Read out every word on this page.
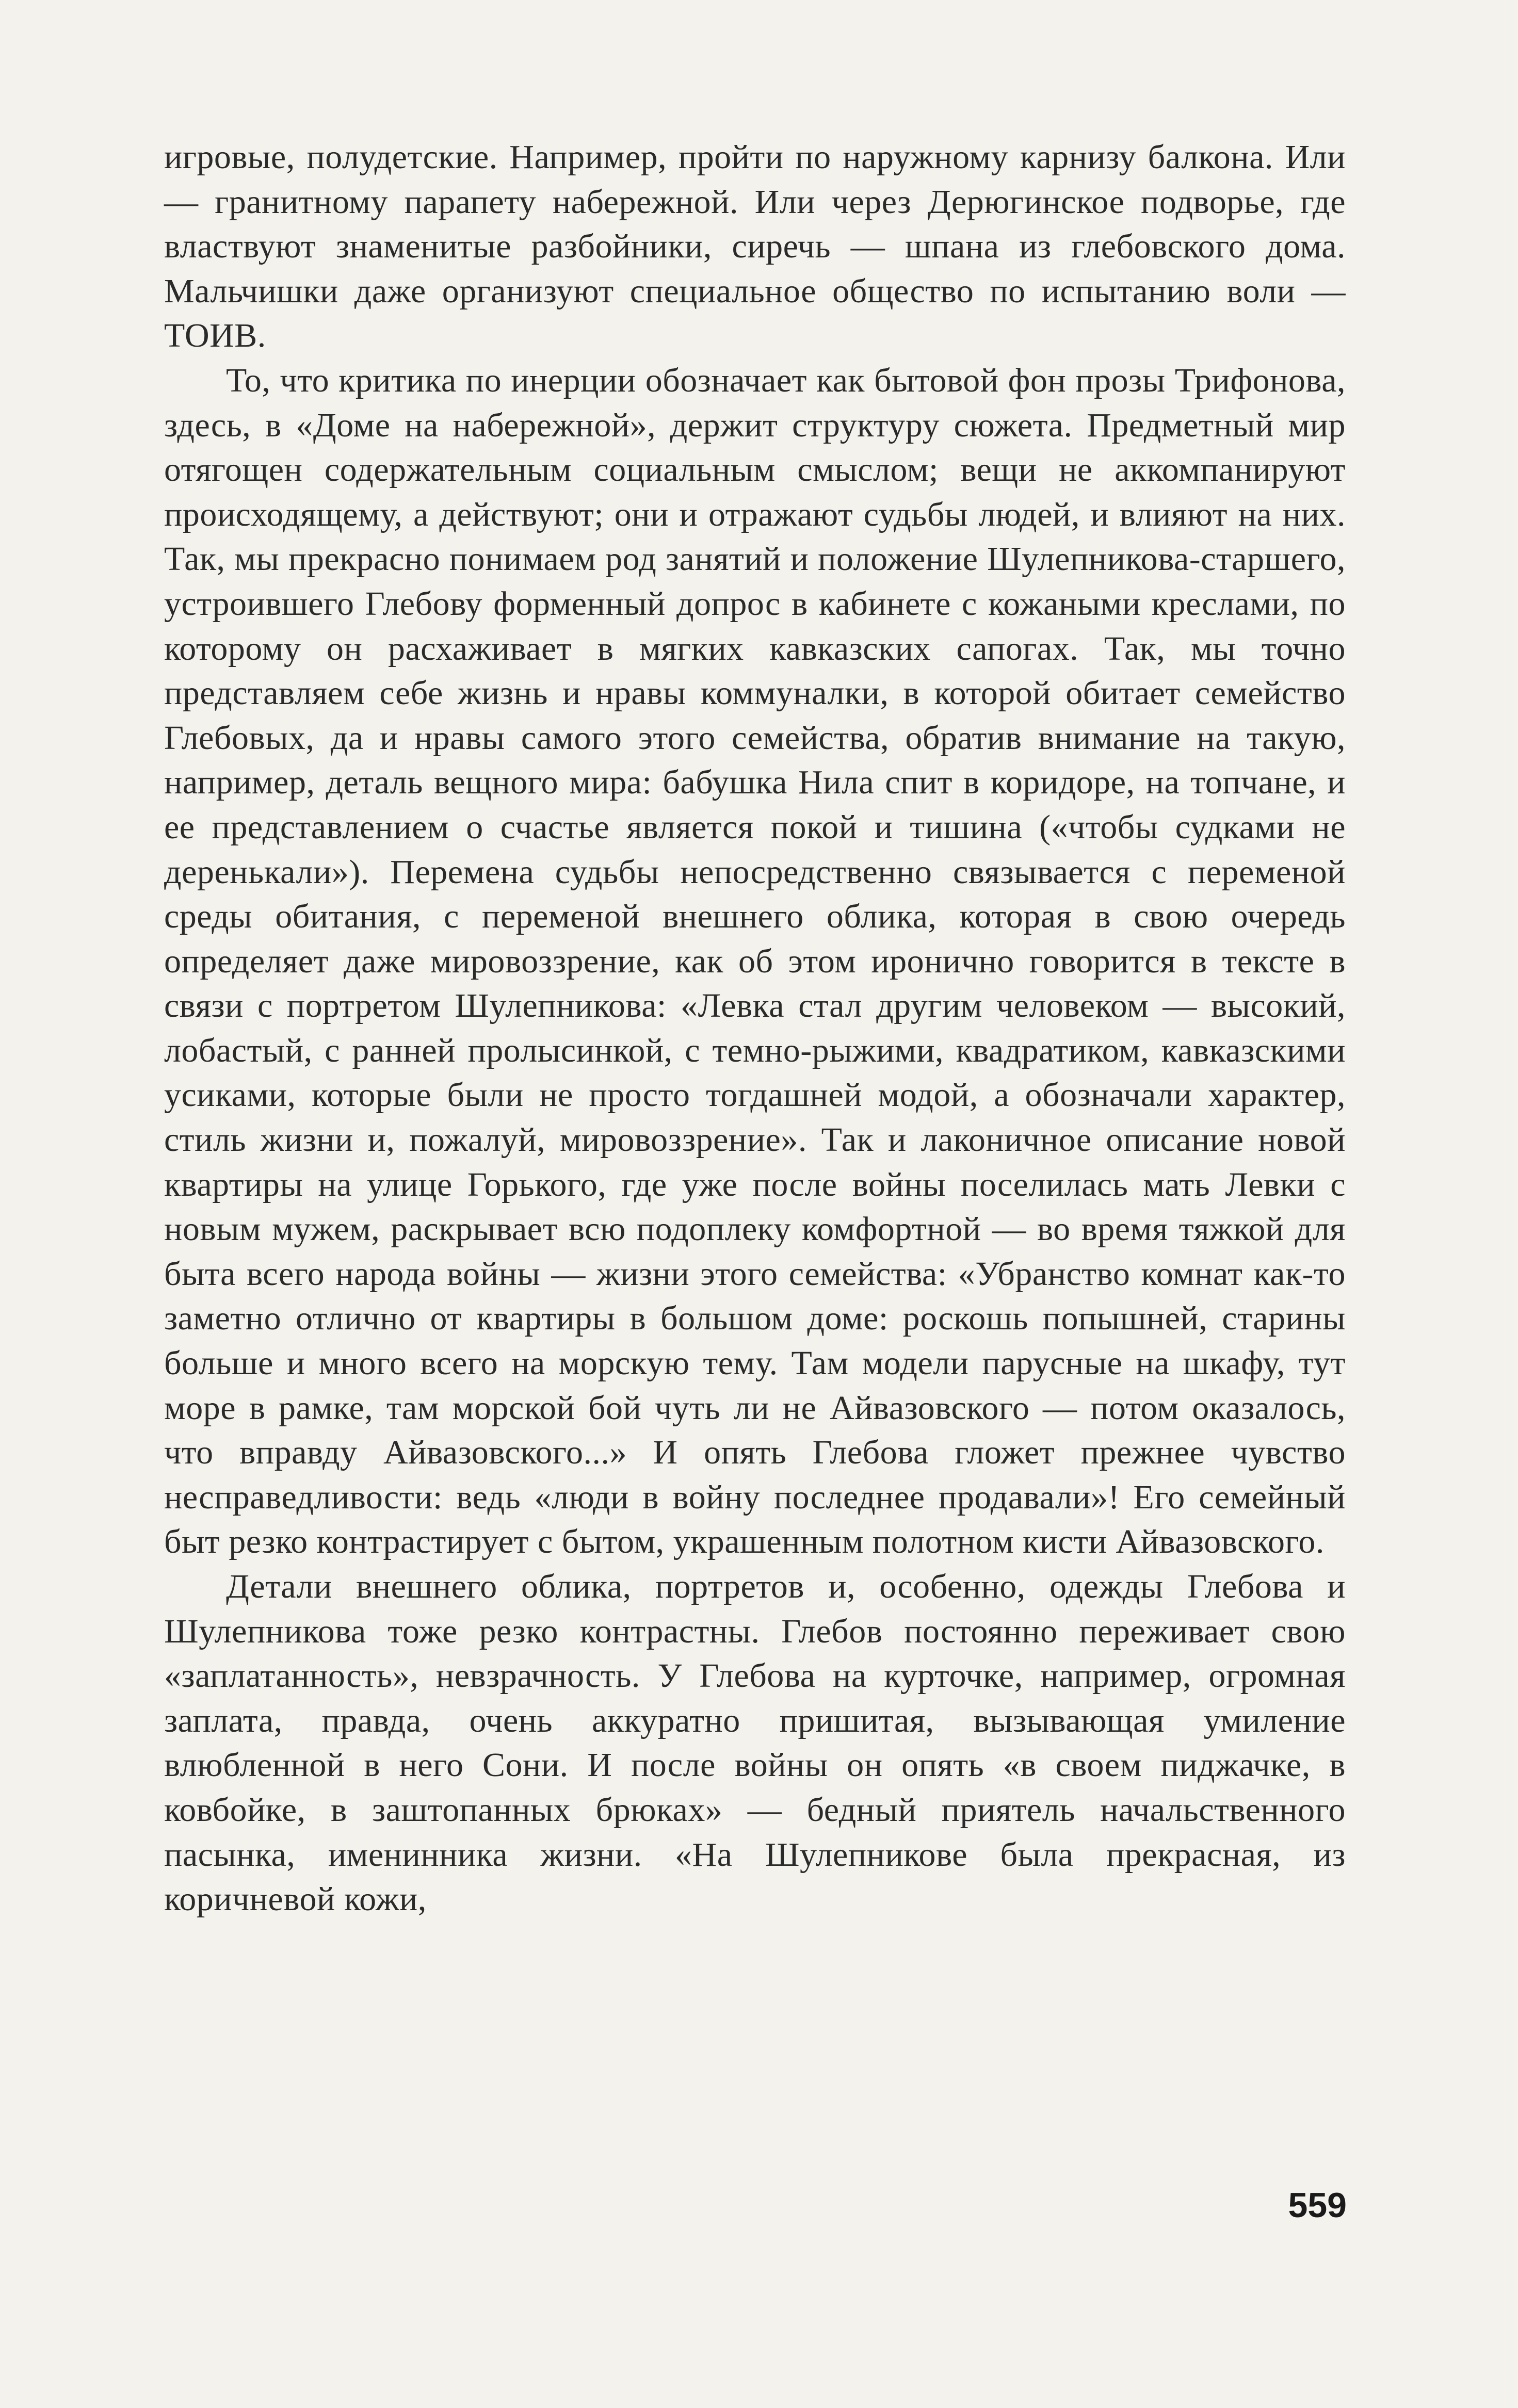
игровые, полудетские. Например, пройти по наружному карнизу балкона. Или — гранитному парапету набережной. Или через Дерюгинское подворье, где властвуют знаменитые разбойники, сиречь — шпана из глебовского дома. Мальчишки даже организуют специальное общество по испытанию воли — ТОИВ.

То, что критика по инерции обозначает как бытовой фон прозы Трифонова, здесь, в «Доме на набережной», держит структуру сюжета. Предметный мир отягощен содержательным социальным смыслом; вещи не аккомпанируют происходящему, а действуют; они и отражают судьбы людей, и влияют на них. Так, мы прекрасно понимаем род занятий и положение Шулепникова-старшего, устроившего Глебову форменный допрос в кабинете с кожаными креслами, по которому он расхаживает в мягких кавказских сапогах. Так, мы точно представляем себе жизнь и нравы коммуналки, в которой обитает семейство Глебовых, да и нравы самого этого семейства, обратив внимание на такую, например, деталь вещного мира: бабушка Нила спит в коридоре, на топчане, и ее представлением о счастье является покой и тишина («чтобы судками не деренькали»). Перемена судьбы непосредственно связывается с переменой среды обитания, с переменой внешнего облика, которая в свою очередь определяет даже мировоззрение, как об этом иронично говорится в тексте в связи с портретом Шулепникова: «Левка стал другим человеком — высокий, лобастый, с ранней пролысинкой, с темно-рыжими, квадратиком, кавказскими усиками, которые были не просто тогдашней модой, а обозначали характер, стиль жизни и, пожалуй, мировоззрение». Так и лаконичное описание новой квартиры на улице Горького, где уже после войны поселилась мать Левки с новым мужем, раскрывает всю подоплеку комфортной — во время тяжкой для быта всего народа войны — жизни этого семейства: «Убранство комнат как-то заметно отлично от квартиры в большом доме: роскошь попышней, старины больше и много всего на морскую тему. Там модели парусные на шкафу, тут море в рамке, там морской бой чуть ли не Айвазовского — потом оказалось, что вправду Айвазовского...» И опять Глебова гложет прежнее чувство несправедливости: ведь «люди в войну последнее продавали»! Его семейный быт резко контрастирует с бытом, украшенным полотном кисти Айвазовского.

Детали внешнего облика, портретов и, особенно, одежды Глебова и Шулепникова тоже резко контрастны. Глебов постоянно переживает свою «заплатанность», невзрачность. У Глебова на курточке, например, огромная заплата, правда, очень аккуратно пришитая, вызывающая умиление влюбленной в него Сони. И после войны он опять «в своем пиджачке, в ковбойке, в заштопанных брюках» — бедный приятель начальственного пасынка, именинника жизни. «На Шулепникове была прекрасная, из коричневой кожи,

559
